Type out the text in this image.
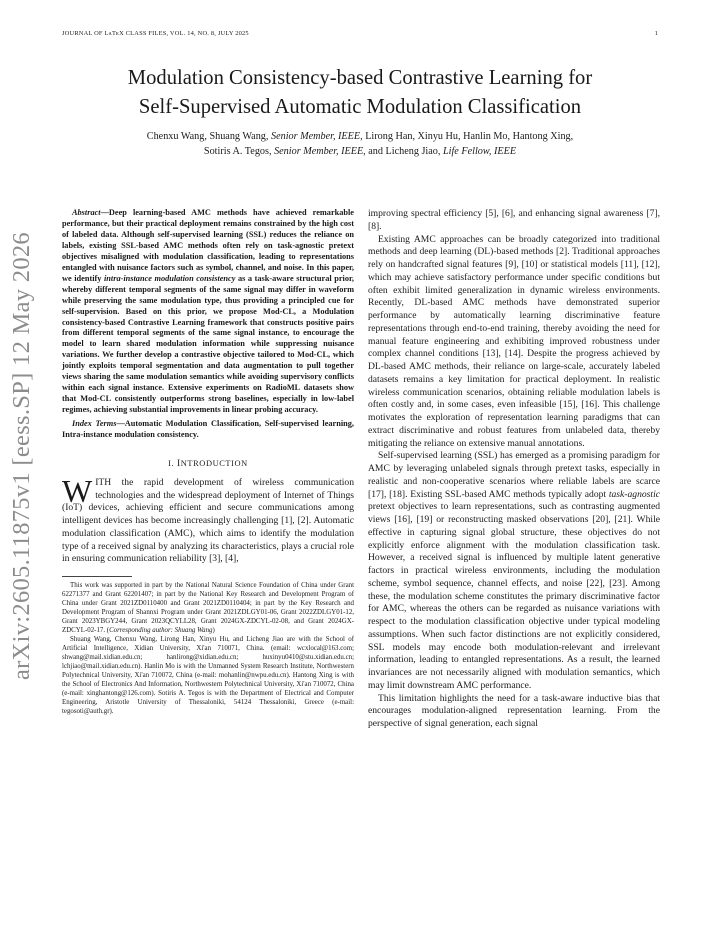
JOURNAL OF LᴀTᴇX CLASS FILES, VOL. 14, NO. 8, JULY 2025	1
arXiv:2605.11875v1 [eess.SP] 12 May 2026
Modulation Consistency-based Contrastive Learning for
Self-Supervised Automatic Modulation Classification
Chenxu Wang, Shuang Wang, Senior Member, IEEE, Lirong Han, Xinyu Hu, Hanlin Mo, Hantong Xing,
Sotiris A. Tegos, Senior Member, IEEE, and Licheng Jiao, Life Fellow, IEEE

Abstract—Deep learning-based AMC methods have achieved remarkable performance, but their practical deployment remains constrained by the high cost of labeled data. Although self-supervised learning (SSL) reduces the reliance on labels, existing SSL-based AMC methods often rely on task-agnostic pretext objectives misaligned with modulation classification, leading to representations entangled with nuisance factors such as symbol, channel, and noise. In this paper, we identify intra-instance modulation consistency as a task-aware structural prior, whereby different temporal segments of the same signal may differ in waveform while preserving the same modulation type, thus providing a principled cue for self-supervision. Based on this prior, we propose Mod-CL, a Modulation consistency-based Contrastive Learning framework that constructs positive pairs from different temporal segments of the same signal instance, to encourage the model to learn shared modulation information while suppressing nuisance variations. We further develop a contrastive objective tailored to Mod-CL, which jointly exploits temporal segmentation and data augmentation to pull together views sharing the same modulation semantics while avoiding supervisory conflicts within each signal instance. Extensive experiments on RadioML datasets show that Mod-CL consistently outperforms strong baselines, especially in low-label regimes, achieving substantial improvements in linear probing accuracy.

Index Terms—Automatic Modulation Classification, Self-supervised learning, Intra-instance modulation consistency.

I. INTRODUCTION

WITH the rapid development of wireless communication technologies and the widespread deployment of Internet of Things (IoT) devices, achieving efficient and secure communications among intelligent devices has become increasingly challenging [1], [2]. Automatic modulation classification (AMC), which aims to identify the modulation type of a received signal by analyzing its characteristics, plays a crucial role in ensuring communication reliability [3], [4],

This work was supported in part by the National Natural Science Foundation of China under Grant 62271377 and Grant 62201407; in part by the National Key Research and Development Program of China under Grant 2021ZD0110400 and Grant 2021ZD0110404; in part by the Key Research and Development Program of Shannxi Program under Grant 2021ZDLGY01-06, Grant 2022ZDLGY01-12, Grant 2023YBGY244, Grant 2023QCYLL28, Grant 2024GX-ZDCYL-02-08, and Grant 2024GX-ZDCYL-02-17. (Corresponding author: Shuang Wang)

Shuang Wang, Chenxu Wang, Lirong Han, Xinyu Hu, and Licheng Jiao are with the School of Artificial Intelligence, Xidian University, Xi'an 710071, China. (email: wcxlocal@163.com; shwang@mail.xidian.edu.cn; hanlirong@xidian.edu.cn; huxinyu0410@stu.xidian.edu.cn; lchjiao@mail.xidian.edu.cn). Hanlin Mo is with the Unmanned System Research Institute, Northwestern Polytechnical University, Xi'an 710072, China (e-mail: mohanlin@nwpu.edu.cn). Hantong Xing is with the School of Electronics And Information, Northwestern Polytechnical University, Xi'an 710072, China (e-mail: xinghantong@126.com). Sotiris A. Tegos is with the Department of Electrical and Computer Engineering, Aristotle University of Thessaloniki, 54124 Thessaloniki, Greece (e-mail: tegosoti@auth.gr).

improving spectral efficiency [5], [6], and enhancing signal awareness [7], [8].

Existing AMC approaches can be broadly categorized into traditional methods and deep learning (DL)-based methods [2]. Traditional approaches rely on handcrafted signal features [9], [10] or statistical models [11], [12], which may achieve satisfactory performance under specific conditions but often exhibit limited generalization in dynamic wireless environments. Recently, DL-based AMC methods have demonstrated superior performance by automatically learning discriminative feature representations through end-to-end training, thereby avoiding the need for manual feature engineering and exhibiting improved robustness under complex channel conditions [13], [14]. Despite the progress achieved by DL-based AMC methods, their reliance on large-scale, accurately labeled datasets remains a key limitation for practical deployment. In realistic wireless communication scenarios, obtaining reliable modulation labels is often costly and, in some cases, even infeasible [15], [16]. This challenge motivates the exploration of representation learning paradigms that can extract discriminative and robust features from unlabeled data, thereby mitigating the reliance on extensive manual annotations.

Self-supervised learning (SSL) has emerged as a promising paradigm for AMC by leveraging unlabeled signals through pretext tasks, especially in realistic and non-cooperative scenarios where reliable labels are scarce [17], [18]. Existing SSL-based AMC methods typically adopt task-agnostic pretext objectives to learn representations, such as contrasting augmented views [16], [19] or reconstructing masked observations [20], [21]. While effective in capturing signal global structure, these objectives do not explicitly enforce alignment with the modulation classification task. However, a received signal is influenced by multiple latent generative factors in practical wireless environments, including the modulation scheme, symbol sequence, channel effects, and noise [22], [23]. Among these, the modulation scheme constitutes the primary discriminative factor for AMC, whereas the others can be regarded as nuisance variations with respect to the modulation classification objective under typical modeling assumptions. When such factor distinctions are not explicitly considered, SSL models may encode both modulation-relevant and irrelevant information, leading to entangled representations. As a result, the learned invariances are not necessarily aligned with modulation semantics, which may limit downstream AMC performance.

This limitation highlights the need for a task-aware inductive bias that encourages modulation-aligned representation learning. From the perspective of signal generation, each signal
